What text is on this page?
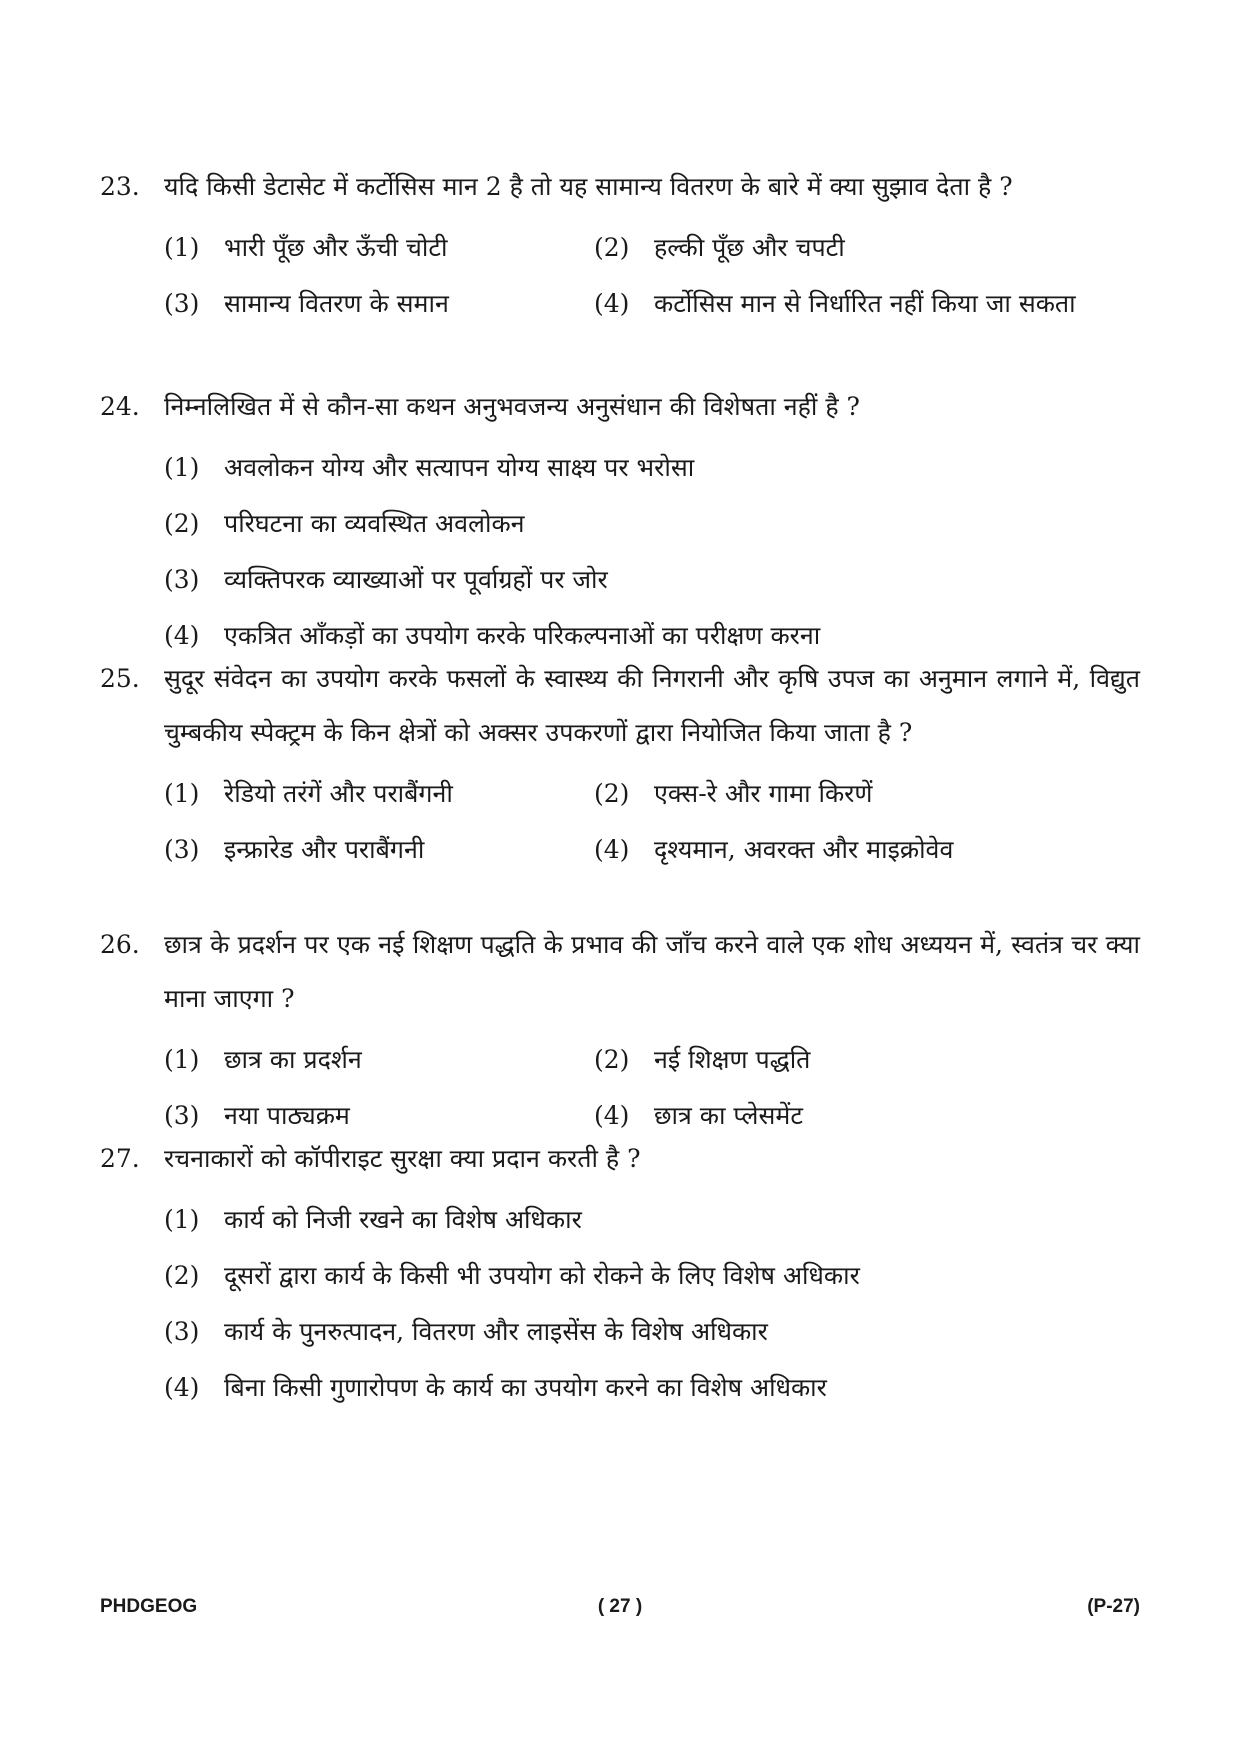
23. यदि किसी डेटासेट में कर्टोसिस मान 2 है तो यह सामान्य वितरण के बारे में क्या सुझाव देता है ?
(1) भारी पूँछ और ऊँची चोटी	(2) हल्की पूँछ और चपटी
(3) सामान्य वितरण के समान	(4) कर्टोसिस मान से निर्धारित नहीं किया जा सकता
24. निम्नलिखित में से कौन-सा कथन अनुभवजन्य अनुसंधान की विशेषता नहीं है ?
(1) अवलोकन योग्य और सत्यापन योग्य साक्ष्य पर भरोसा
(2) परिघटना का व्यवस्थित अवलोकन
(3) व्यक्तिपरक व्याख्याओं पर पूर्वाग्रहों पर जोर
(4) एकत्रित आँकड़ों का उपयोग करके परिकल्पनाओं का परीक्षण करना
25. सुदूर संवेदन का उपयोग करके फसलों के स्वास्थ्य की निगरानी और कृषि उपज का अनुमान लगाने में, विद्युत चुम्बकीय स्पेक्ट्रम के किन क्षेत्रों को अक्सर उपकरणों द्वारा नियोजित किया जाता है ?
(1) रेडियो तरंगें और पराबैंगनी	(2) एक्स-रे और गामा किरणें
(3) इन्फ्रारेड और पराबैंगनी	(4) दृश्यमान, अवरक्त और माइक्रोवेव
26. छात्र के प्रदर्शन पर एक नई शिक्षण पद्धति के प्रभाव की जाँच करने वाले एक शोध अध्ययन में, स्वतंत्र चर क्या माना जाएगा ?
(1) छात्र का प्रदर्शन	(2) नई शिक्षण पद्धति
(3) नया पाठ्यक्रम	(4) छात्र का प्लेसमेंट
27. रचनाकारों को कॉपीराइट सुरक्षा क्या प्रदान करती है ?
(1) कार्य को निजी रखने का विशेष अधिकार
(2) दूसरों द्वारा कार्य के किसी भी उपयोग को रोकने के लिए विशेष अधिकार
(3) कार्य के पुनरुत्पादन, वितरण और लाइसेंस के विशेष अधिकार
(4) बिना किसी गुणारोपण के कार्य का उपयोग करने का विशेष अधिकार
PHDGEOG	( 27 )	(P-27)
